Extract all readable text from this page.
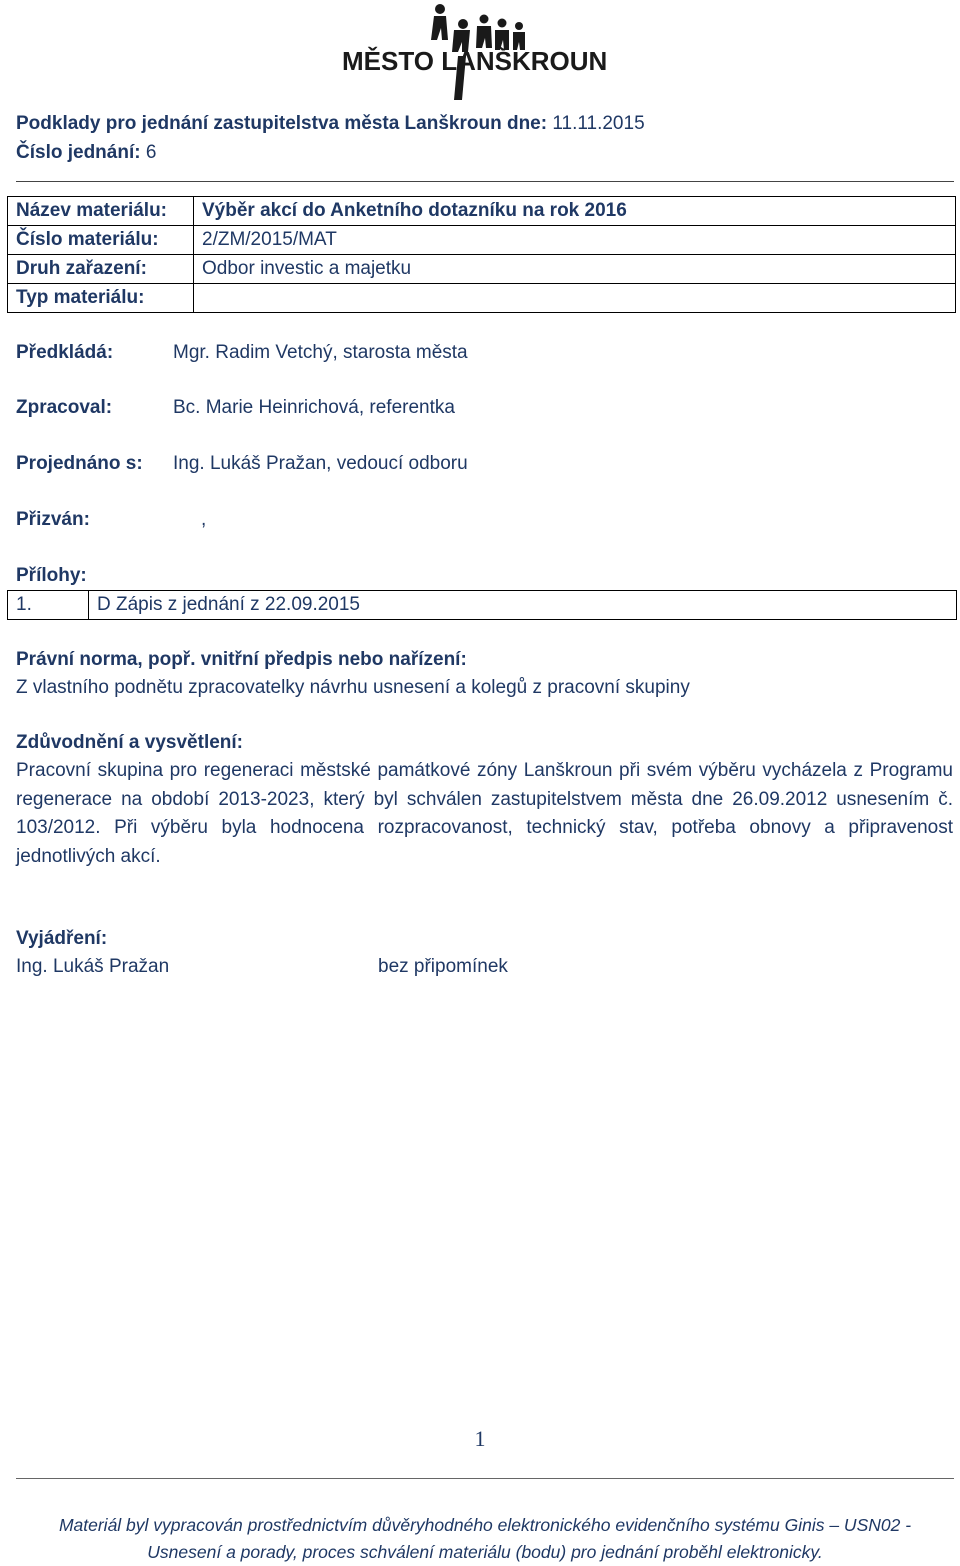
MĚSTO LANŠKROUN
Podklady pro jednání zastupitelstva města Lanškroun dne: 11.11.2015
Číslo jednání: 6
Název materiálu:	Výběr akcí do Anketního dotazníku na rok 2016
Číslo materiálu:	2/ZM/2015/MAT
Druh zařazení:	Odbor investic a majetku
Typ materiálu:	
Předkládá:	Mgr. Radim Vetchý, starosta města
Zpracoval:	Bc. Marie Heinrichová, referentka
Projednáno s: Ing. Lukáš Pražan, vedoucí odboru
Přizván:	,
Přílohy:
1.	D Zápis z jednání z 22.09.2015
Právní norma, popř. vnitřní předpis nebo nařízení:
Z vlastního podnětu zpracovatelky návrhu usnesení a kolegů z pracovní skupiny
Zdůvodnění a vysvětlení:
Pracovní skupina pro regeneraci městské památkové zóny Lanškroun při svém výběru vycházela z Programu regenerace na období 2013-2023, který byl schválen zastupitelstvem města dne 26.09.2012 usnesením č. 103/2012. Při výběru byla hodnocena rozpracovanost, technický stav, potřeba obnovy a připravenost jednotlivých akcí.
Vyjádření:
Ing. Lukáš Pražan	bez připomínek
1
Materiál byl vypracován prostřednictvím důvěryhodného elektronického evidenčního systému Ginis – USN02 -
Usnesení a porady, proces schválení materiálu (bodu) pro jednání proběhl elektronicky.
